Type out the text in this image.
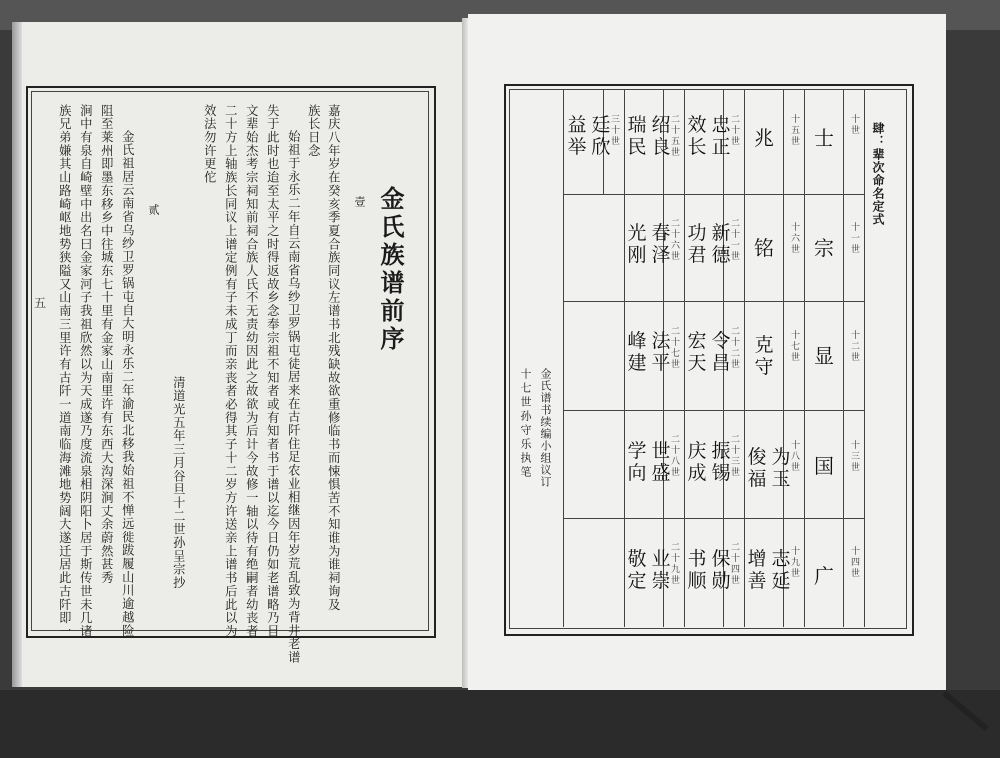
金氏族谱前序
壹
嘉庆八年岁在癸亥季夏合族同议左谱书北残缺故欲重修临书而悚惧苦不知谁为谁祠询及
族长日念
始祖于永乐二年自云南省乌纱卫罗锅屯徒居来在古阡住足农业相继因年岁荒乱致为背井老谱
失于此时也迨至太平之时得返故乡念奉宗祖不知者或有知者书于谱以迄今日仍如老谱略乃目
文辈始杰考宗祠知前祠合族人氏不无责幼因此之故欲为后计今故修一轴以待有绝嗣者幼丧者
二十方上轴族长同议上谱定例有子未成丁而亲丧者必得其子十二岁方许送亲上谱书后此以为
效法勿许更佗
清道光五年三月谷旦十二世孙呈宗抄
贰
金氏祖居云南省乌纱卫罗锅屯自大明永乐二年渝民北移我始祖不惮远徙跋履山川逾越险
阻至莱州即墨东移乡中往城东七十里有金家山南里许有东西大沟深涧丈余蔚然甚秀
涧中有泉自崎壁中出名曰金家河子我祖欣然以为天成遂乃度流泉相阴阳卜居于斯传世未几诸
族兄弟嫌其山路崎岖地势狭隘又山南三里许有古阡一道南临海滩地势阔大遂迁居此古阡即一
五
肆：辈次命名定式
十世
十一世
十二世
十三世
十四世
士
宗
显
国
广
十五世
十六世
十七世
十八世
十九世
兆
铭
克守
为玉
俊福
志延
增善
二十世
二十一世
二十二世
二十三世
二十四世
忠正
效长
新德
功君
令昌
宏天
振锡
庆成
保勋
书顺
二十五世
二十六世
二十七世
二十八世
二十九世
绍良
瑞民
春泽
光刚
法平
峰建
世盛
学向
业崇
敬定
三十世
廷欣
益举
金氏谱书续编小组议订
十七世孙守乐执笔
